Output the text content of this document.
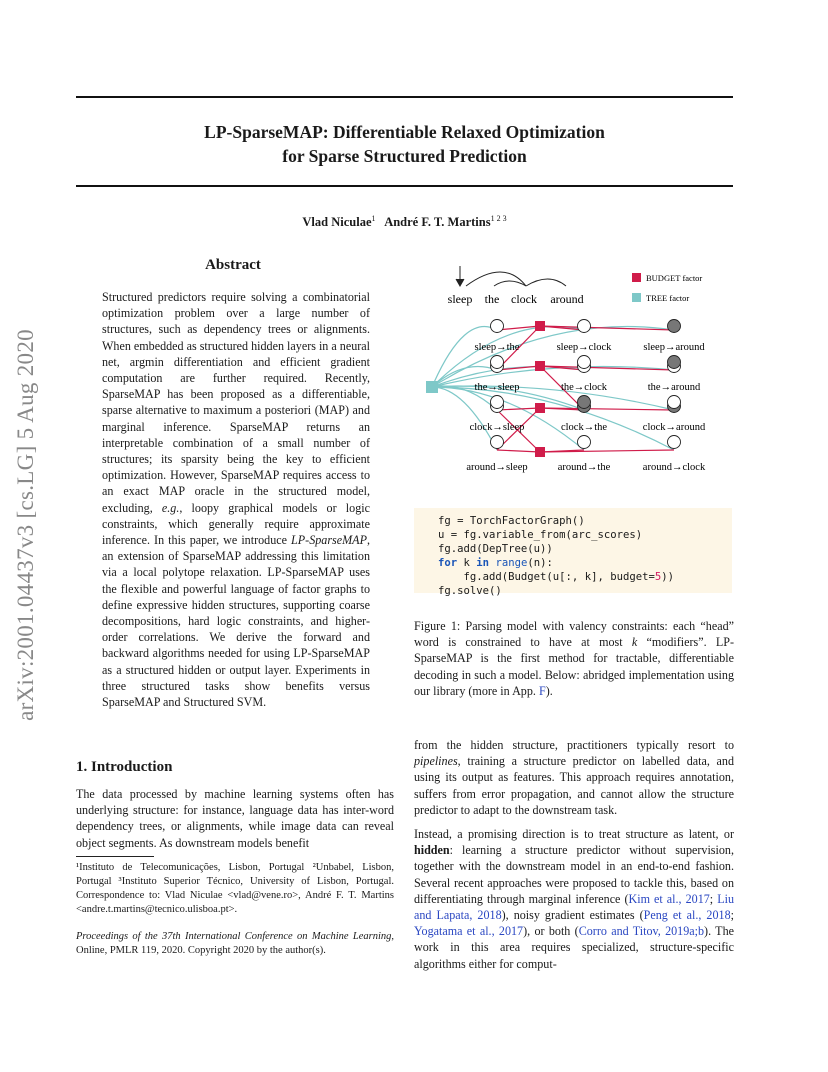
LP-SparseMAP: Differentiable Relaxed Optimization
for Sparse Structured Prediction
Vlad Niculae$^1$ André F. T. Martins$^{1 2 3}$
arXiv:2001.04437v3 [cs.LG] 5 Aug 2020
Abstract
Structured predictors require solving a combinatorial optimization problem over a large number of structures, such as dependency trees or alignments. When embedded as structured hidden layers in a neural net, argmin differentiation and efficient gradient computation are further required. Recently, SparseMAP has been proposed as a differentiable, sparse alternative to maximum a posteriori (MAP) and marginal inference. SparseMAP returns an interpretable combination of a small number of structures; its sparsity being the key to efficient optimization. However, SparseMAP requires access to an exact MAP oracle in the structured model, excluding, e.g., loopy graphical models or logic constraints, which generally require approximate inference. In this paper, we introduce LP-SparseMAP, an extension of SparseMAP addressing this limitation via a local polytope relaxation. LP-SparseMAP uses the flexible and powerful language of factor graphs to define expressive hidden structures, supporting coarse decompositions, hard logic constraints, and higher-order correlations. We derive the forward and backward algorithms needed for using LP-SparseMAP as a structured hidden or output layer. Experiments in three structured tasks show benefits versus SparseMAP and Structured SVM.
1. Introduction
The data processed by machine learning systems often has underlying structure: for instance, language data has inter-word dependency trees, or alignments, while image data can reveal object segments. As downstream models benefit
¹Instituto de Telecomunicações, Lisbon, Portugal ²Unbabel, Lisbon, Portugal ³Instituto Superior Técnico, University of Lisbon, Portugal. Correspondence to: Vlad Niculae <vlad@vene.ro>, André F. T. Martins <andre.t.martins@tecnico.ulisboa.pt>.
Proceedings of the 37th International Conference on Machine Learning, Online, PMLR 119, 2020. Copyright 2020 by the author(s).
sleep the clock around
BUDGET factor
TREE factor
sleep→the	sleep→clock	sleep→around
the→sleep	the→clock	the→around
clock→sleep	clock→the	clock→around
around→sleep	around→the	around→clock
fg = TorchFactorGraph()
u = fg.variable_from(arc_scores)
fg.add(DepTree(u))
for k in range(n):
fg.add(Budget(u[:, k], budget=5))
fg.solve()
Figure 1: Parsing model with valency constraints: each “head” word is constrained to have at most k “modifiers”. LP-SparseMAP is the first method for tractable, differentiable decoding in such a model. Below: abridged implementation using our library (more in App. F).
from the hidden structure, practitioners typically resort to pipelines, training a structure predictor on labelled data, and using its output as features. This approach requires annotation, suffers from error propagation, and cannot allow the structure predictor to adapt to the downstream task.
Instead, a promising direction is to treat structure as latent, or hidden: learning a structure predictor without supervision, together with the downstream model in an end-to-end fashion. Several recent approaches were proposed to tackle this, based on differentiating through marginal inference (Kim et al., 2017; Liu and Lapata, 2018), noisy gradient estimates (Peng et al., 2018; Yogatama et al., 2017), or both (Corro and Titov, 2019a;b). The work in this area requires specialized, structure-specific algorithms either for comput-
